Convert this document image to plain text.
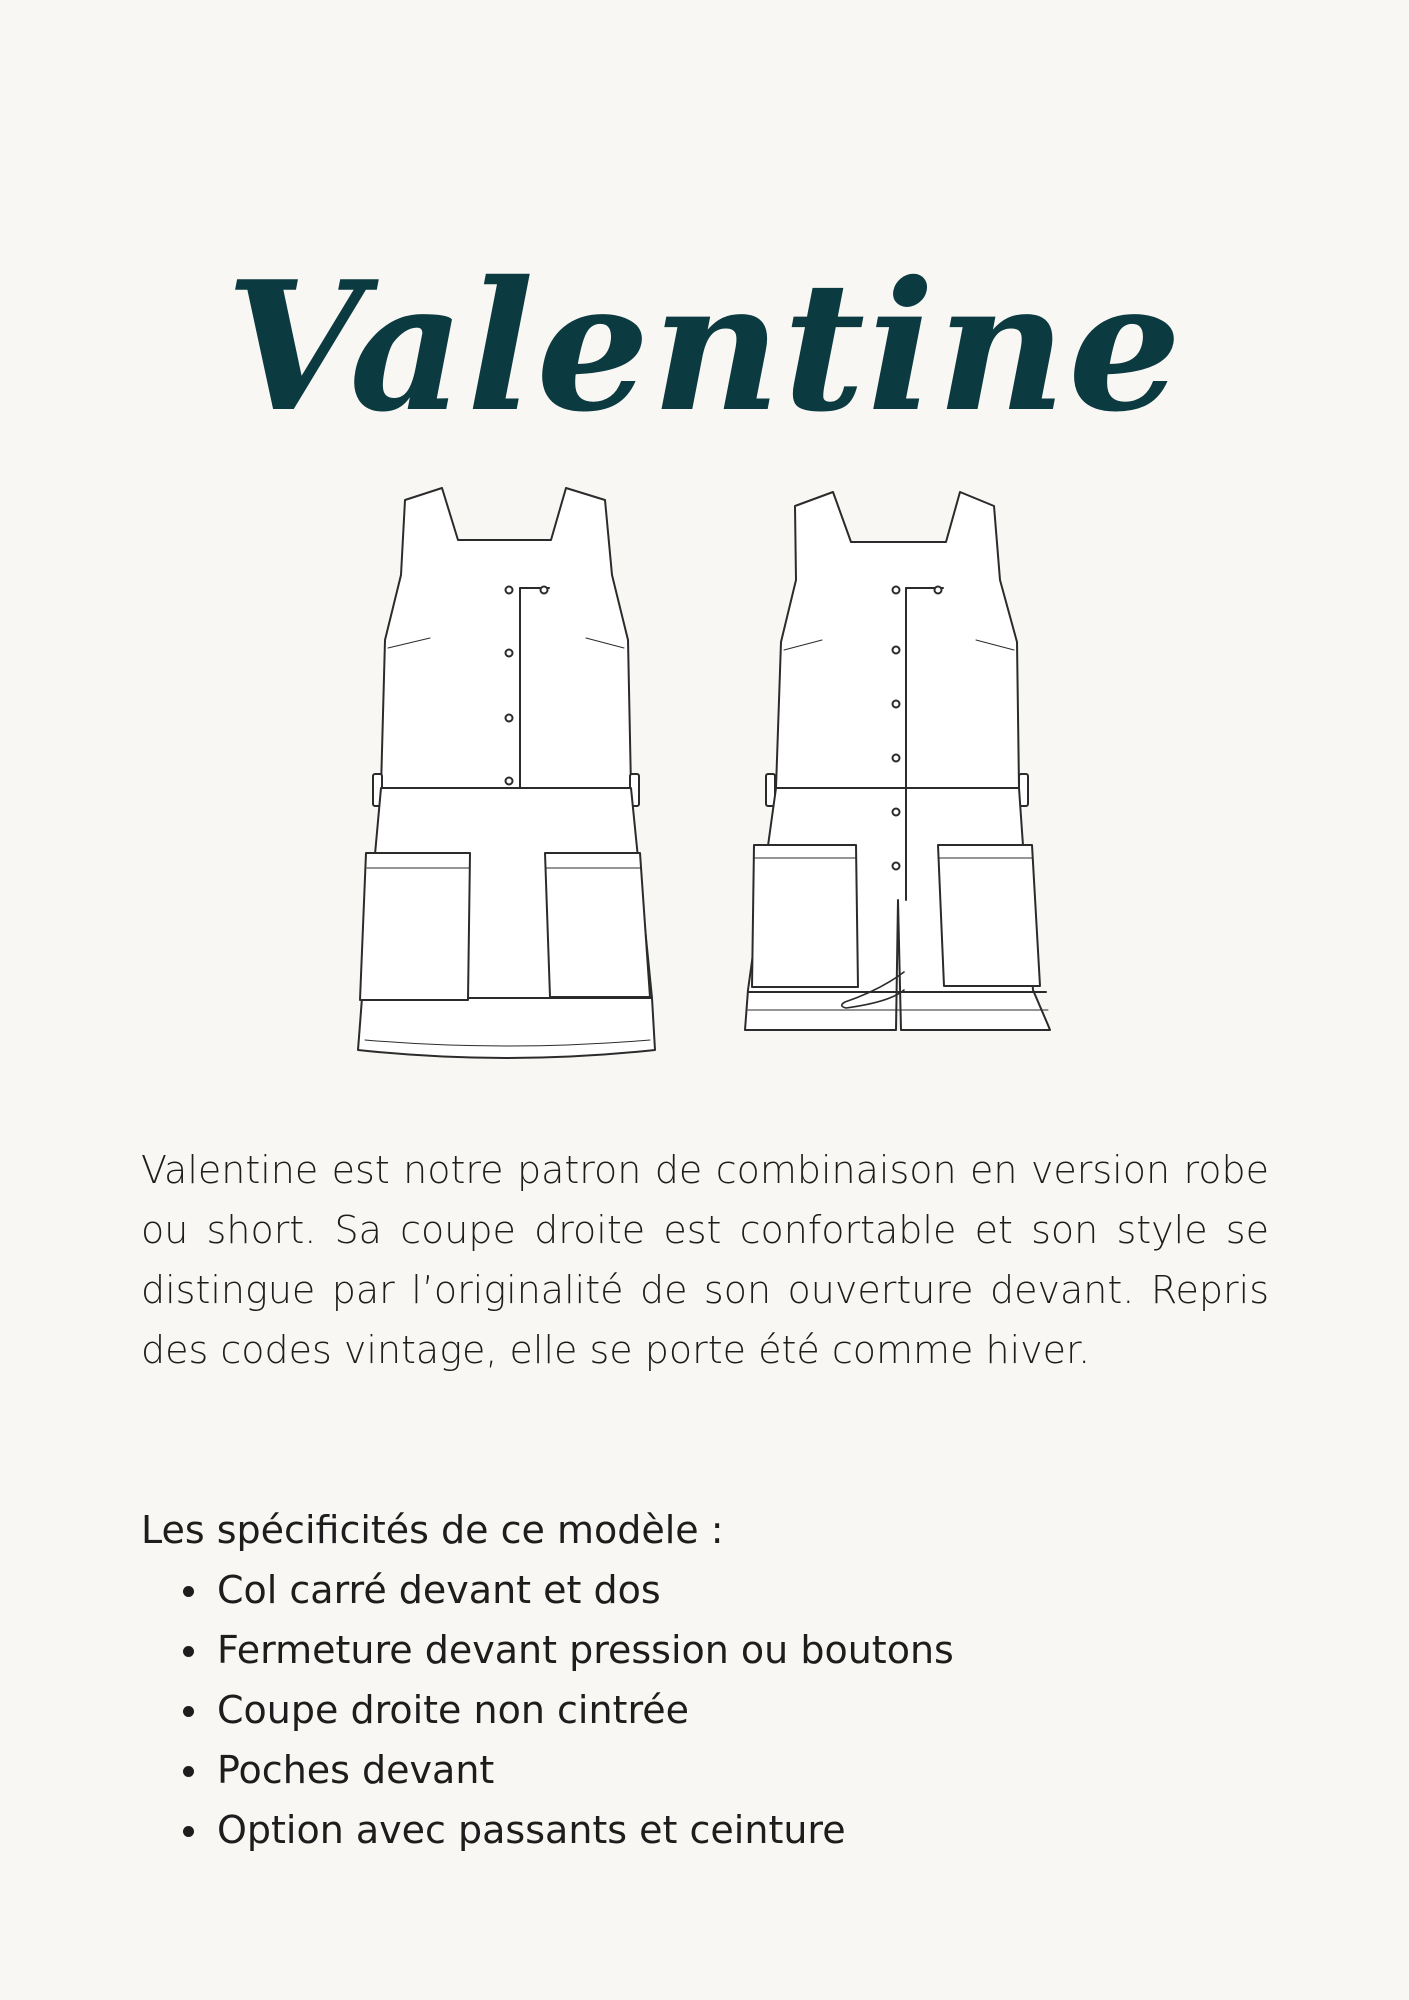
Valentine

Valentine est notre patron de combinaison en version robe ou short. Sa coupe droite est confortable et son style se distingue par l’originalité de son ouverture devant. Repris des codes vintage, elle se porte été comme hiver.

Les spécificités de ce modèle :

Col carré devant et dos
Fermeture devant pression ou boutons
Coupe droite non cintrée
Poches devant
Option avec passants et ceinture
